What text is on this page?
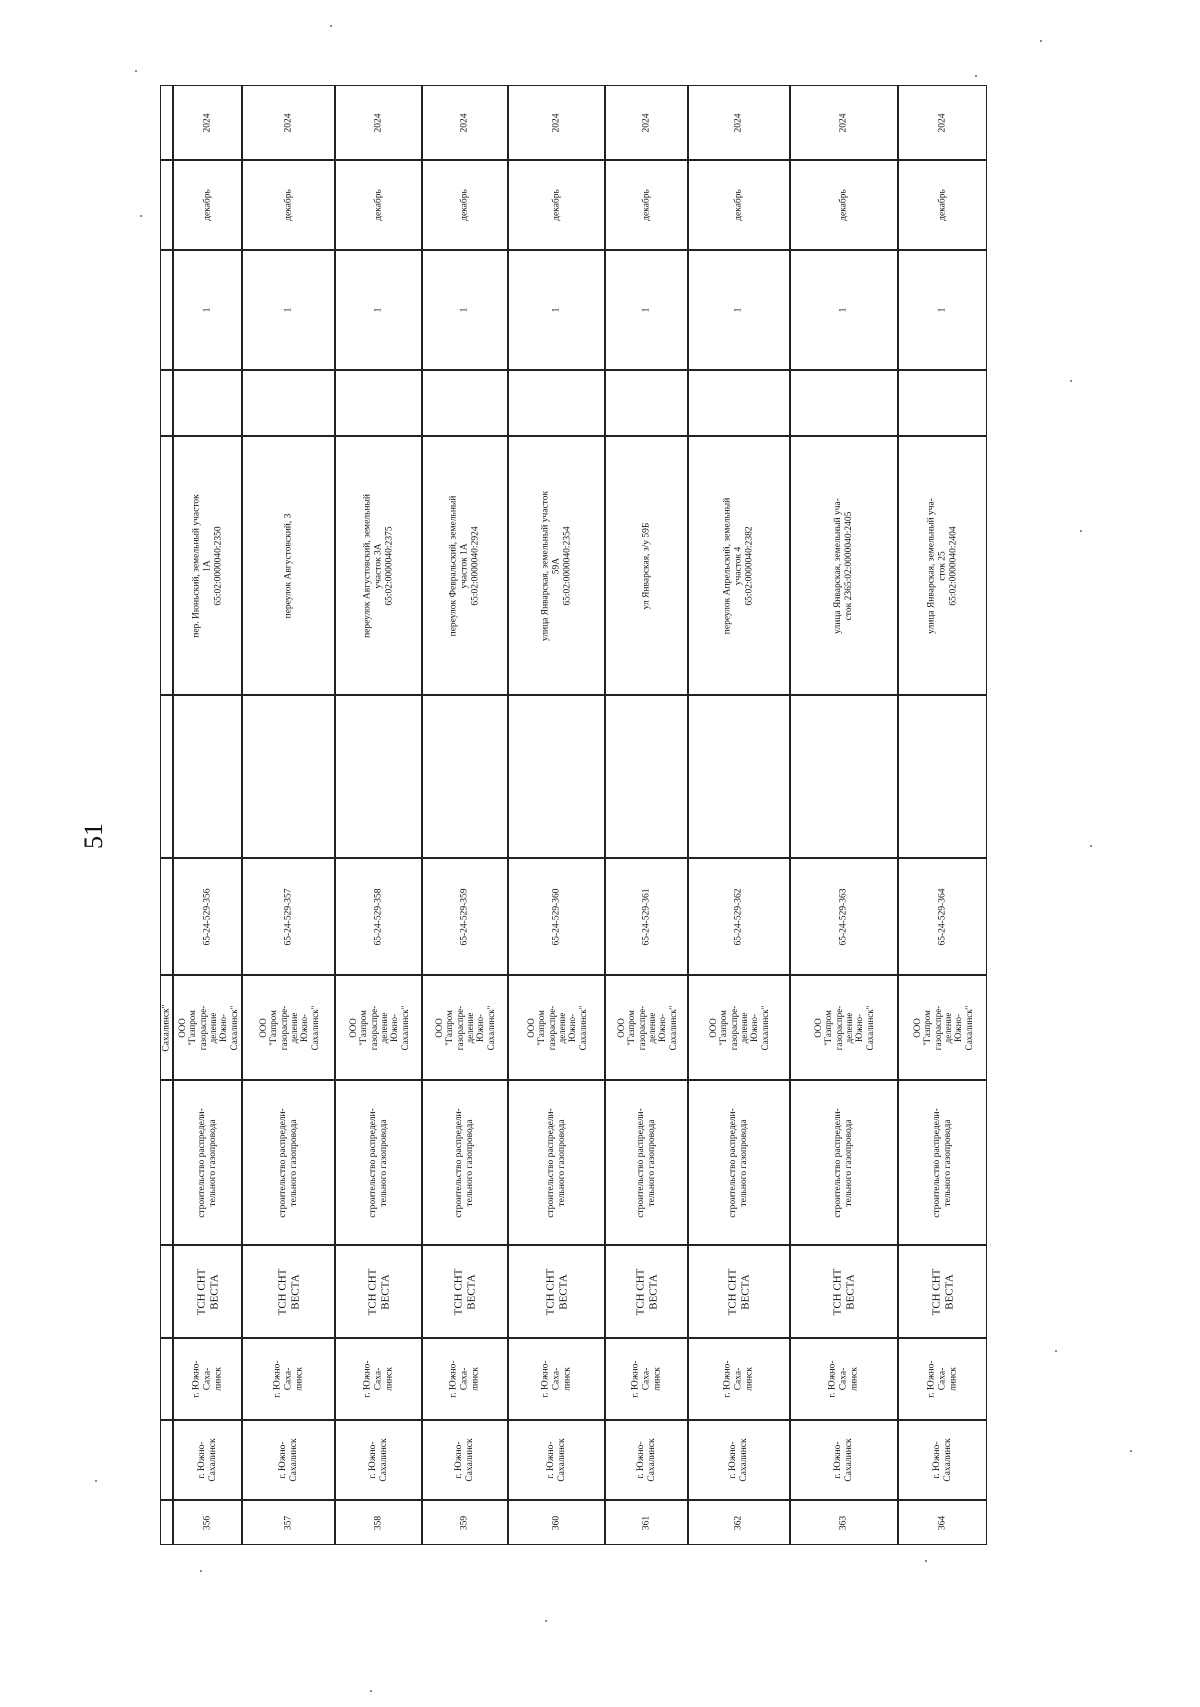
51
2024
декабрь
1
пер. Июньский, земельный участок
1А
65:02:0000040:2350
65-24-529-356
ООО
"Газпром
газораспре-
деление
Южно-
Сахалинск"
строительство распредели-
тельного газопровода
ТСН СНТ
ВЕСТА
г. Южно-
Саха-
линск
г. Южно-
Сахалинск
356
2024
декабрь
1
переулок Августовский, 3
65-24-529-357
ООО
"Газпром
газораспре-
деление
Южно-
Сахалинск"
строительство распредели-
тельного газопровода
ТСН СНТ
ВЕСТА
г. Южно-
Саха-
линск
г. Южно-
Сахалинск
357
2024
декабрь
1
переулок Августовский, земельный
участок 3А
65:02:0000040:2375
65-24-529-358
ООО
"Газпром
газораспре-
деление
Южно-
Сахалинск"
строительство распредели-
тельного газопровода
ТСН СНТ
ВЕСТА
г. Южно-
Саха-
линск
г. Южно-
Сахалинск
358
2024
декабрь
1
переулок Февральский, земельный
участок 1А
65:02:0000040:2924
65-24-529-359
ООО
"Газпром
газораспре-
деление
Южно-
Сахалинск"
строительство распредели-
тельного газопровода
ТСН СНТ
ВЕСТА
г. Южно-
Саха-
линск
г. Южно-
Сахалинск
359
2024
декабрь
1
улица Январская, земельный участок
59А
65:02:0000040:2354
65-24-529-360
ООО
"Газпром
газораспре-
деление
Южно-
Сахалинск"
строительство распредели-
тельного газопровода
ТСН СНТ
ВЕСТА
г. Южно-
Саха-
линск
г. Южно-
Сахалинск
360
2024
декабрь
1
ул Январская, з/у 59Б
65-24-529-361
ООО
"Газпром
газораспре-
деление
Южно-
Сахалинск"
строительство распредели-
тельного газопровода
ТСН СНТ
ВЕСТА
г. Южно-
Саха-
линск
г. Южно-
Сахалинск
361
2024
декабрь
1
переулок Апрельский, земельный
участок 4
65:02:0000040:2382
65-24-529-362
ООО
"Газпром
газораспре-
деление
Южно-
Сахалинск"
строительство распредели-
тельного газопровода
ТСН СНТ
ВЕСТА
г. Южно-
Саха-
линск
г. Южно-
Сахалинск
362
2024
декабрь
1
улица Январская, земельный уча-
сток 2365:02:0000040:2405
65-24-529-363
ООО
"Газпром
газораспре-
деление
Южно-
Сахалинск"
строительство распредели-
тельного газопровода
ТСН СНТ
ВЕСТА
г. Южно-
Саха-
линск
г. Южно-
Сахалинск
363
2024
декабрь
1
улица Январская, земельный уча-
сток 25
65:02:0000040:2404
65-24-529-364
ООО
"Газпром
газораспре-
деление
Южно-
Сахалинск"
строительство распредели-
тельного газопровода
ТСН СНТ
ВЕСТА
г. Южно-
Саха-
линск
г. Южно-
Сахалинск
364
Сахалинск"
